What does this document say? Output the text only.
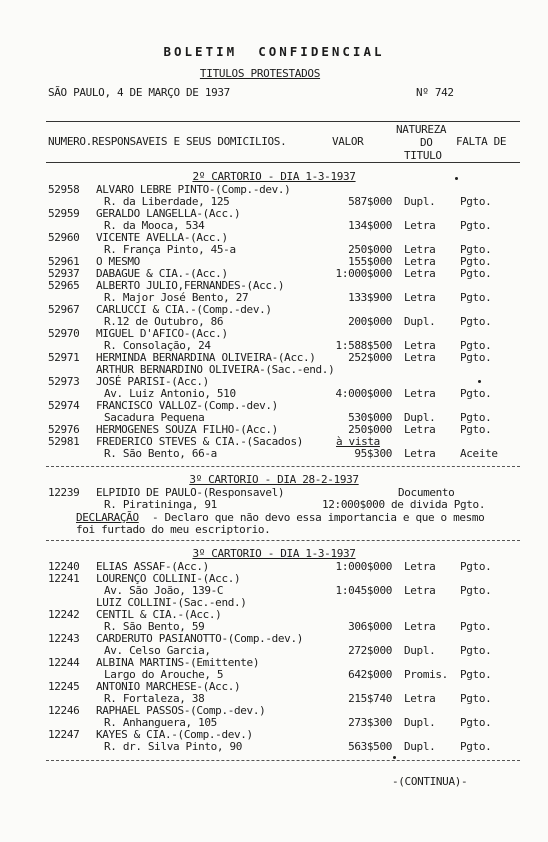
BOLETIM  CONFIDENCIAL
TITULOS PROTESTADOS
SÃO PAULO, 4 DE MARÇO DE 1937	Nº 742
NUMERO.RESPONSAVEIS E SEUS DOMICILIOS.	VALOR
NATUREZA
DO
TITULO
FALTA DE
2º CARTORIO - DIA 1-3-1937
52958 ALVARO LEBRE PINTO-(Comp.-dev.)
R. da Liberdade, 125	587$000 Dupl. Pgto.
52959 GERALDO LANGELLA-(Acc.)
R. da Mooca, 534	134$000 Letra Pgto.
52960 VICENTE AVELLA-(Acc.)
R. França Pinto, 45-a	250$000 Letra Pgto.
52961 O MESMO	155$000 Letra Pgto.
52937 DABAGUE & CIA.-(Acc.)	1:000$000 Letra Pgto.
52965 ALBERTO JULIO,FERNANDES-(Acc.)
R. Major José Bento, 27	133$900 Letra Pgto.
52967 CARLUCCI & CIA.-(Comp.-dev.)
R.12 de Outubro, 86	200$000 Dupl. Pgto.
52970 MIGUEL D'AFICO-(Acc.)
R. Consolação, 24	1:588$500 Letra Pgto.
52971 HERMINDA BERNARDINA OLIVEIRA-(Acc.)	252$000 Letra Pgto.
ARTHUR BERNARDINO OLIVEIRA-(Sac.-end.)
52973 JOSÉ PARISI-(Acc.)
Av. Luiz Antonio, 510	4:000$000 Letra Pgto.
52974 FRANCISCO VALLOZ-(Comp.-dev.)
Sacadura Pequena	530$000 Dupl. Pgto.
52976 HERMOGENES SOUZA FILHO-(Acc.)	250$000 Letra Pgto.
52981 FREDERICO STEVES & CIA.-(Sacados)	à vista
R. São Bento, 66-a	95$300 Letra Aceite
3º CARTORIO - DIA 28-2-1937
12239 ELPIDIO DE PAULO-(Responsavel)	Documento
R. Piratininga, 91	12:000$000 de divida Pgto.
DECLARAÇÃO - Declaro que não devo essa importancia e que o mesmo
foi furtado do meu escriptorio.
3º CARTORIO - DIA 1-3-1937
12240 ELIAS ASSAF-(Acc.)	1:000$000 Letra Pgto.
12241 LOURENÇO COLLINI-(Acc.)
Av. São João, 139-C	1:045$000 Letra Pgto.
LUIZ COLLINI-(Sac.-end.)
12242 CENTIL & CIA.-(Acc.)
R. São Bento, 59	306$000 Letra Pgto.
12243 CARDERUTO PASIANOTTO-(Comp.-dev.)
Av. Celso Garcia,	272$000 Dupl. Pgto.
12244 ALBINA MARTINS-(Emittente)
Largo do Arouche, 5	642$000 Promis. Pgto.
12245 ANTONIO MARCHESE-(Acc.)
R. Fortaleza, 38	215$740 Letra Pgto.
12246 RAPHAEL PASSOS-(Comp.-dev.)
R. Anhanguera, 105	273$300 Dupl. Pgto.
12247 KAYES & CIA.-(Comp.-dev.)
R. dr. Silva Pinto, 90	563$500 Dupl. Pgto.
-(CONTINUA)-
